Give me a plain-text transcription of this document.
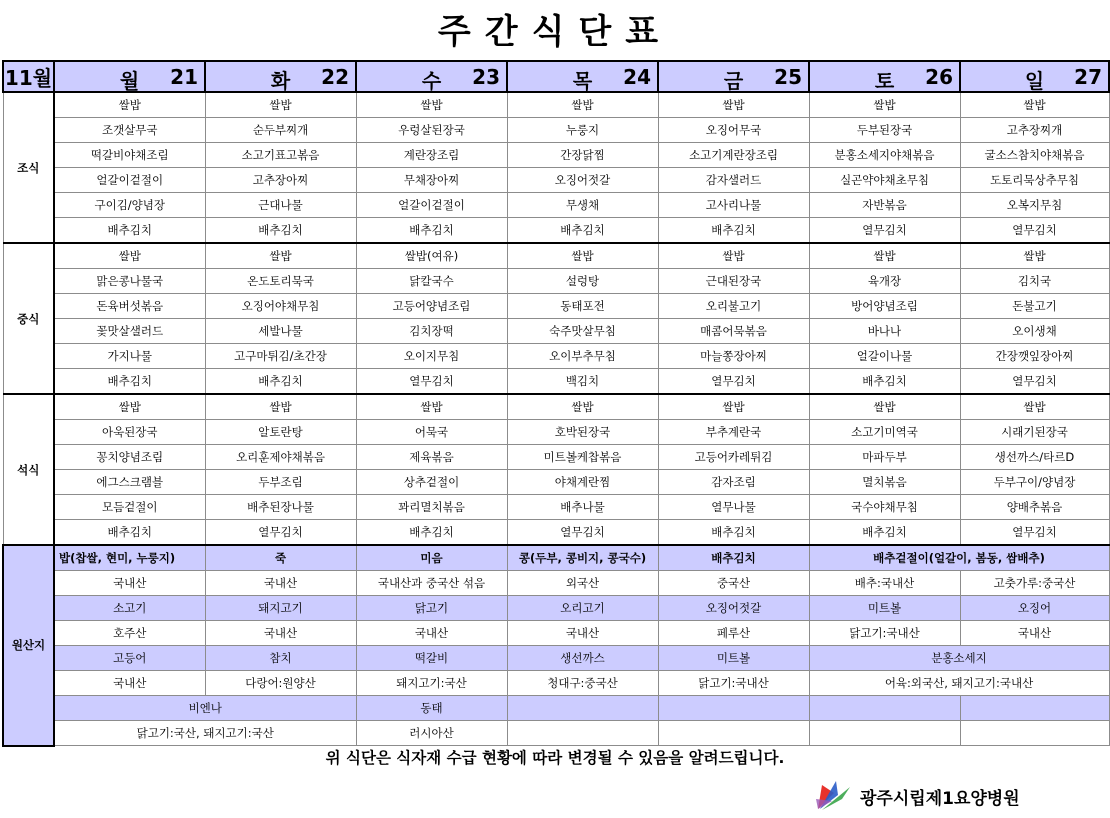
주간식단표
11월	월 21	화 22	수 23	목 24	금 25	토 26	일 27

조식	쌀밥	쌀밥	쌀밥	쌀밥	쌀밥	쌀밥	쌀밥
	조갯살무국	순두부찌개	우렁살된장국	누룽지	오징어무국	두부된장국	고추장찌개
	떡갈비야채조림	소고기표고볶음	계란장조림	간장닭찜	소고기계란장조림	분홍소세지야채볶음	굴소스참치야채볶음
	얼갈이겉절이	고추장아찌	무채장아찌	오징어젓갈	감자샐러드	실곤약야채초무침	도토리묵상추무침
	구이김/양념장	근대나물	얼갈이겉절이	무생채	고사리나물	자반볶음	오복지무침
	배추김치	배추김치	배추김치	배추김치	배추김치	열무김치	열무김치
중식	쌀밥	쌀밥	쌀밥(여유)	쌀밥	쌀밥	쌀밥	쌀밥
	맑은콩나물국	온도토리묵국	닭칼국수	설렁탕	근대된장국	육개장	김치국
	돈육버섯볶음	오징어야채무침	고등어양념조림	동태포전	오리불고기	방어양념조림	돈불고기
	꽃맛살샐러드	세발나물	김치장떡	숙주맛살무침	매콤어묵볶음	바나나	오이생채
	가지나물	고구마튀김/초간장	오이지무침	오이부추무침	마늘쫑장아찌	얼갈이나물	간장깻잎장아찌
	배추김치	배추김치	열무김치	백김치	열무김치	배추김치	열무김치
석식	쌀밥	쌀밥	쌀밥	쌀밥	쌀밥	쌀밥	쌀밥
	아욱된장국	알토란탕	어묵국	호박된장국	부추계란국	소고기미역국	시래기된장국
	꽁치양념조림	오리훈제야채볶음	제육볶음	미트볼케찹볶음	고등어카레튀김	마파두부	생선까스/타르D
	에그스크램블	두부조림	상추겉절이	야채계란찜	감자조림	멸치볶음	두부구이/양념장
	모듬겉절이	배추된장나물	꽈리멸치볶음	배추나물	열무나물	국수야채무침	양배추볶음
	배추김치	열무김치	배추김치	열무김치	배추김치	배추김치	열무김치
원산지	밥(찹쌀, 현미, 누룽지)	죽	미음	콩(두부, 콩비지, 콩국수)	배추김치	배추겉절이(얼갈이, 봄동, 쌈배추)	
	국내산	국내산	국내산과 중국산 섞음	외국산	중국산	배추:국내산	고춧가루:중국산
	소고기	돼지고기	닭고기	오리고기	오징어젓갈	미트볼	오징어
	호주산	국내산	국내산	국내산	페루산	닭고기:국내산	국내산
	고등어	참치	떡갈비	생선까스	미트볼	분홍소세지	
	국내산	다랑어:원양산	돼지고기:국산	청대구:중국산	닭고기:국내산	어육:외국산, 돼지고기:국내산	
	비엔나		동태				
	닭고기:국산, 돼지고기:국산		러시아산				
위 식단은 식자재 수급 현황에 따라 변경될 수 있음을 알려드립니다.
광주시립제1요양병원
